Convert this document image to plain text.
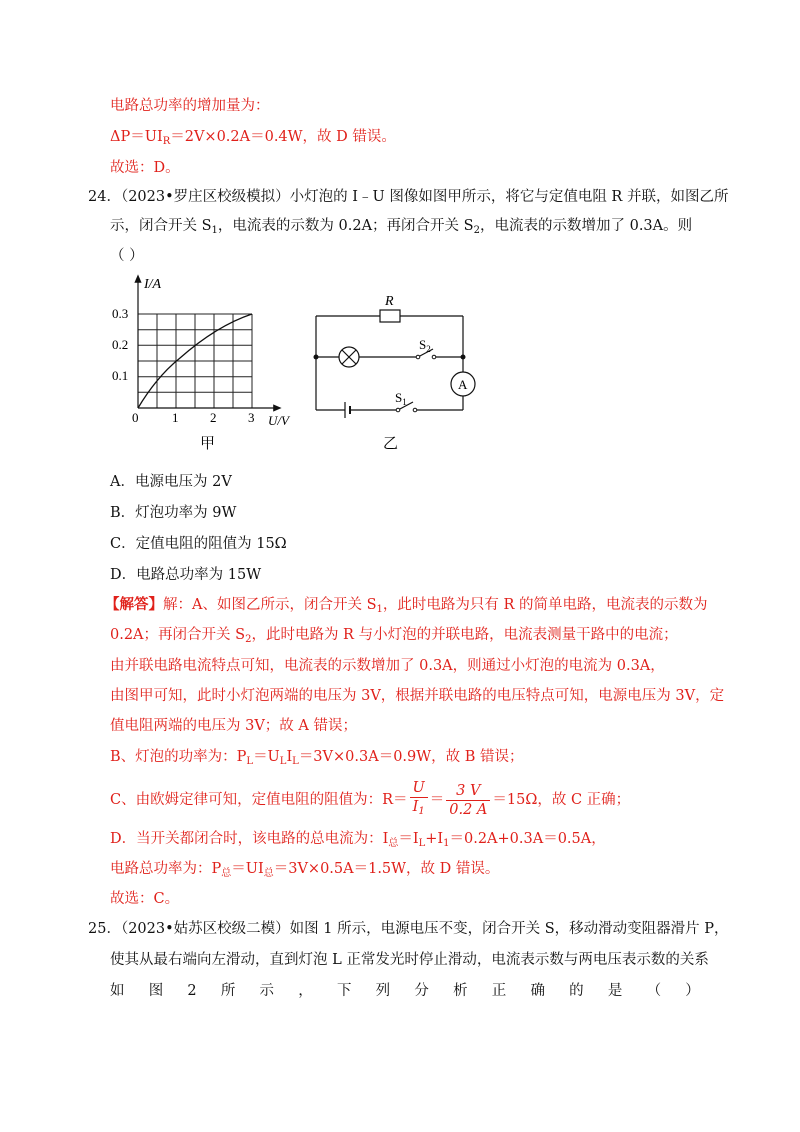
电路总功率的增加量为：
$\Delta P=UI_R=2V\times 0.2A=0.4W$，故 D 错误。
故选：D。
24．（2023•罗庄区校级模拟）小灯泡的 I﹣U 图像如图甲所示，将它与定值电阻 R 并联，如图乙所
示，闭合开关 $S_1$，电流表的示数为 0.2A；再闭合开关 $S_2$，电流表的示数增加了 0.3A。则
（ ）
I/A
0.3
0.2
0.1
0	1 2 3 U/V
甲
R
$S_2$
$S_1$
A
乙
A．电源电压为 2V
B．灯泡功率为 9W
C．定值电阻的阻值为 15Ω
D．电路总功率为 15W
【解答】解：A、如图乙所示，闭合开关 $S_1$，此时电路为只有 R 的简单电路，电流表的示数为
0.2A；再闭合开关 $S_2$，此时电路为 R 与小灯泡的并联电路，电流表测量干路中的电流；
由并联电路电流特点可知，电流表的示数增加了 0.3A，则通过小灯泡的电流为 0.3A，
由图甲可知，此时小灯泡两端的电压为 3V，根据并联电路的电压特点可知，电源电压为 3V，定
值电阻两端的电压为 3V；故 A 错误；
B、灯泡的功率为：$P_L=U_LI_L=3V\times 0.3A=0.9W$，故 B 错误；
C、由欧姆定律可知，定值电阻的阻值为：$R= \frac{U}{I_1} = \frac{3 V}{0.2 A} =15\Omega$，故 C 正确；
D．当开关都闭合时，该电路的总电流为：$I_总=I_L+I_1=0.2A+0.3A=0.5A$，
电路总功率为：$P_总=UI_总=3V\times 0.5A=1.5W$，故 D 错误。
故选：C。
25．（2023•姑苏区校级二模）如图 1 所示，电源电压不变，闭合开关 S，移动滑动变阻器滑片 P，
使其从最右端向左滑动，直到灯泡 L 正常发光时停止滑动，电流表示数与两电压表示数的关系
如 图 2 所 示 ， 下 列 分 析 正 确 的 是 （ ）
